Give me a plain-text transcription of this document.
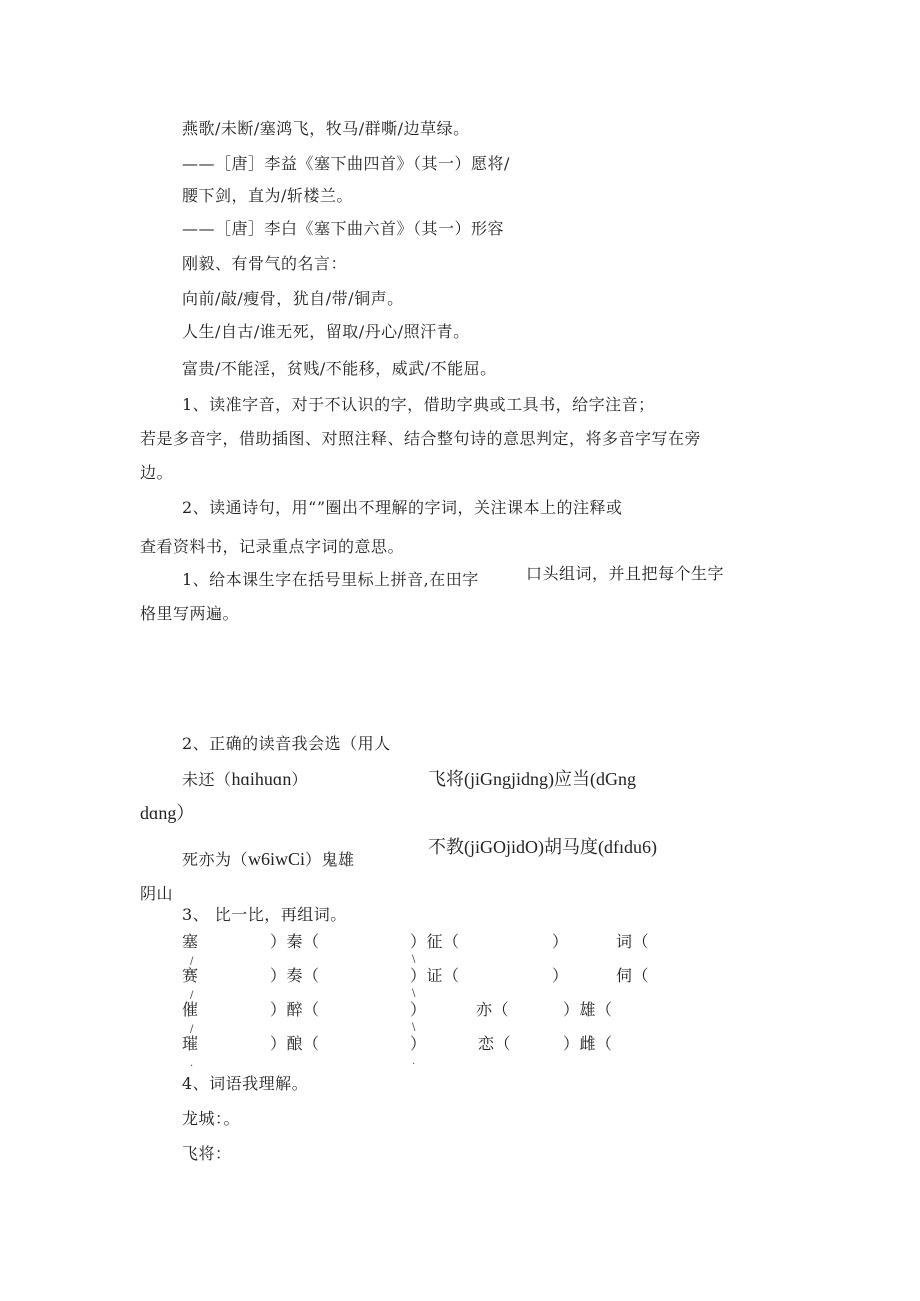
燕歌/未断/塞鸿飞，牧马/群嘶/边草绿。
——［唐］李益《塞下曲四首》（其一）愿将/
腰下剑，直为/斩楼兰。
——［唐］李白《塞下曲六首》（其一）形容
刚毅、有骨气的名言：
向前/敲/瘦骨，犹自/带/铜声。
人生/自古/谁无死，留取/丹心/照汗青。
富贵/不能淫，贫贱/不能移，威武/不能屈。
1、读准字音，对于不认识的字，借助字典或工具书，给字注音；
若是多音字，借助插图、对照注释、结合整句诗的意思判定，将多音字写在旁
边。
2、读通诗句，用“”圈出不理解的字词，关注课本上的注释或
查看资料书，记录重点字词的意思。
1、给本课生字在括号里标上拼音,在田字	口头组词，并且把每个生字
格里写两遍。
2、正确的读音我会选（用人
未还（hɑihuɑn）	飞将(jiGngjidng)应当(dGng
dɑng）
死亦为（w6iwCi）鬼雄
不教(jiGOjidO)胡马度(dfıdu6)
阴山
3、 比一比，再组词。
塞	）秦（	）征（	）	词（
赛	）奏（	）证（	）	伺（
催	）醉（	）	亦（	）雄（
璀	）酿（	）	恋（	）雌（
/
/
/
.
\
\
\
.
4、词语我理解。
龙城：。
飞将：
